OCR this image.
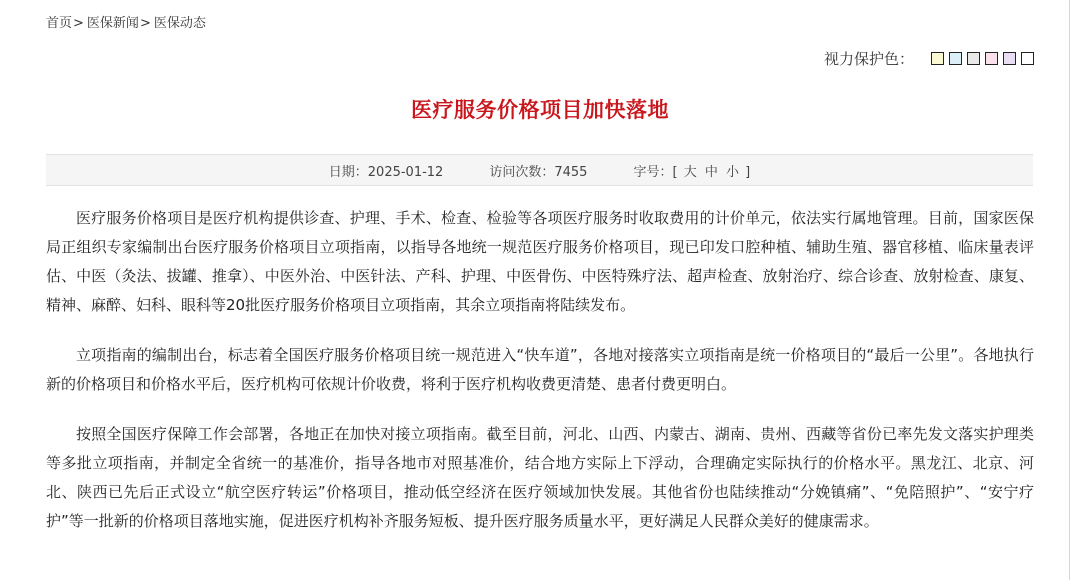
首页> 医保新闻> 医保动态
视力保护色：
医疗服务价格项目加快落地
日期：2025-01-12	访问次数：7455	字号：[ 大 中 小 ]

医疗服务价格项目是医疗机构提供诊查、护理、手术、检查、检验等各项医疗服务时收取费用的计价单元，依法实行属地管理。目前，国家医保局正组织专家编制出台医疗服务价格项目立项指南，以指导各地统一规范医疗服务价格项目，现已印发口腔种植、辅助生殖、器官移植、临床量表评估、中医（灸法、拔罐、推拿）、中医外治、中医针法、产科、护理、中医骨伤、中医特殊疗法、超声检查、放射治疗、综合诊查、放射检查、康复、精神、麻醉、妇科、眼科等20批医疗服务价格项目立项指南，其余立项指南将陆续发布。

立项指南的编制出台，标志着全国医疗服务价格项目统一规范进入“快车道”，各地对接落实立项指南是统一价格项目的“最后一公里”。各地执行新的价格项目和价格水平后，医疗机构可依规计价收费，将利于医疗机构收费更清楚、患者付费更明白。

按照全国医疗保障工作会部署，各地正在加快对接立项指南。截至目前，河北、山西、内蒙古、湖南、贵州、西藏等省份已率先发文落实护理类等多批立项指南，并制定全省统一的基准价，指导各地市对照基准价，结合地方实际上下浮动，合理确定实际执行的价格水平。黑龙江、北京、河北、陕西已先后正式设立“航空医疗转运”价格项目，推动低空经济在医疗领域加快发展。其他省份也陆续推动“分娩镇痛”、“免陪照护”、“安宁疗护”等一批新的价格项目落地实施，促进医疗机构补齐服务短板、提升医疗服务质量水平，更好满足人民群众美好的健康需求。
